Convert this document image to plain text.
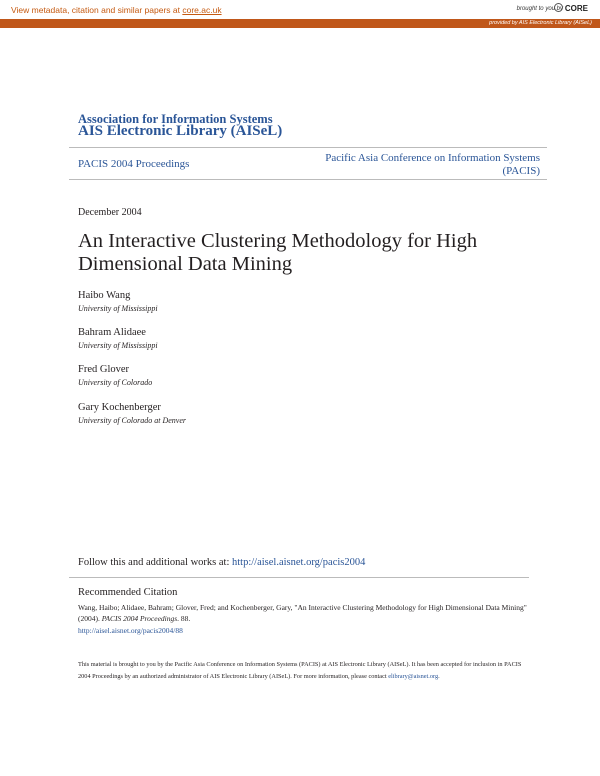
View metadata, citation and similar papers at core.ac.uk	brought to you by CORE
provided by AIS Electronic Library (AISeL)
Association for Information Systems
AIS Electronic Library (AISeL)
PACIS 2004 Proceedings	Pacific Asia Conference on Information Systems
(PACIS)
December 2004
An Interactive Clustering Methodology for High Dimensional Data Mining
Haibo Wang
University of Mississippi
Bahram Alidaee
University of Mississippi
Fred Glover
University of Colorado
Gary Kochenberger
University of Colorado at Denver
Follow this and additional works at: http://aisel.aisnet.org/pacis2004
Recommended Citation
Wang, Haibo; Alidaee, Bahram; Glover, Fred; and Kochenberger, Gary, "An Interactive Clustering Methodology for High Dimensional Data Mining" (2004). PACIS 2004 Proceedings. 88.
http://aisel.aisnet.org/pacis2004/88
This material is brought to you by the Pacific Asia Conference on Information Systems (PACIS) at AIS Electronic Library (AISeL). It has been accepted for inclusion in PACIS 2004 Proceedings by an authorized administrator of AIS Electronic Library (AISeL). For more information, please contact elibrary@aisnet.org.
